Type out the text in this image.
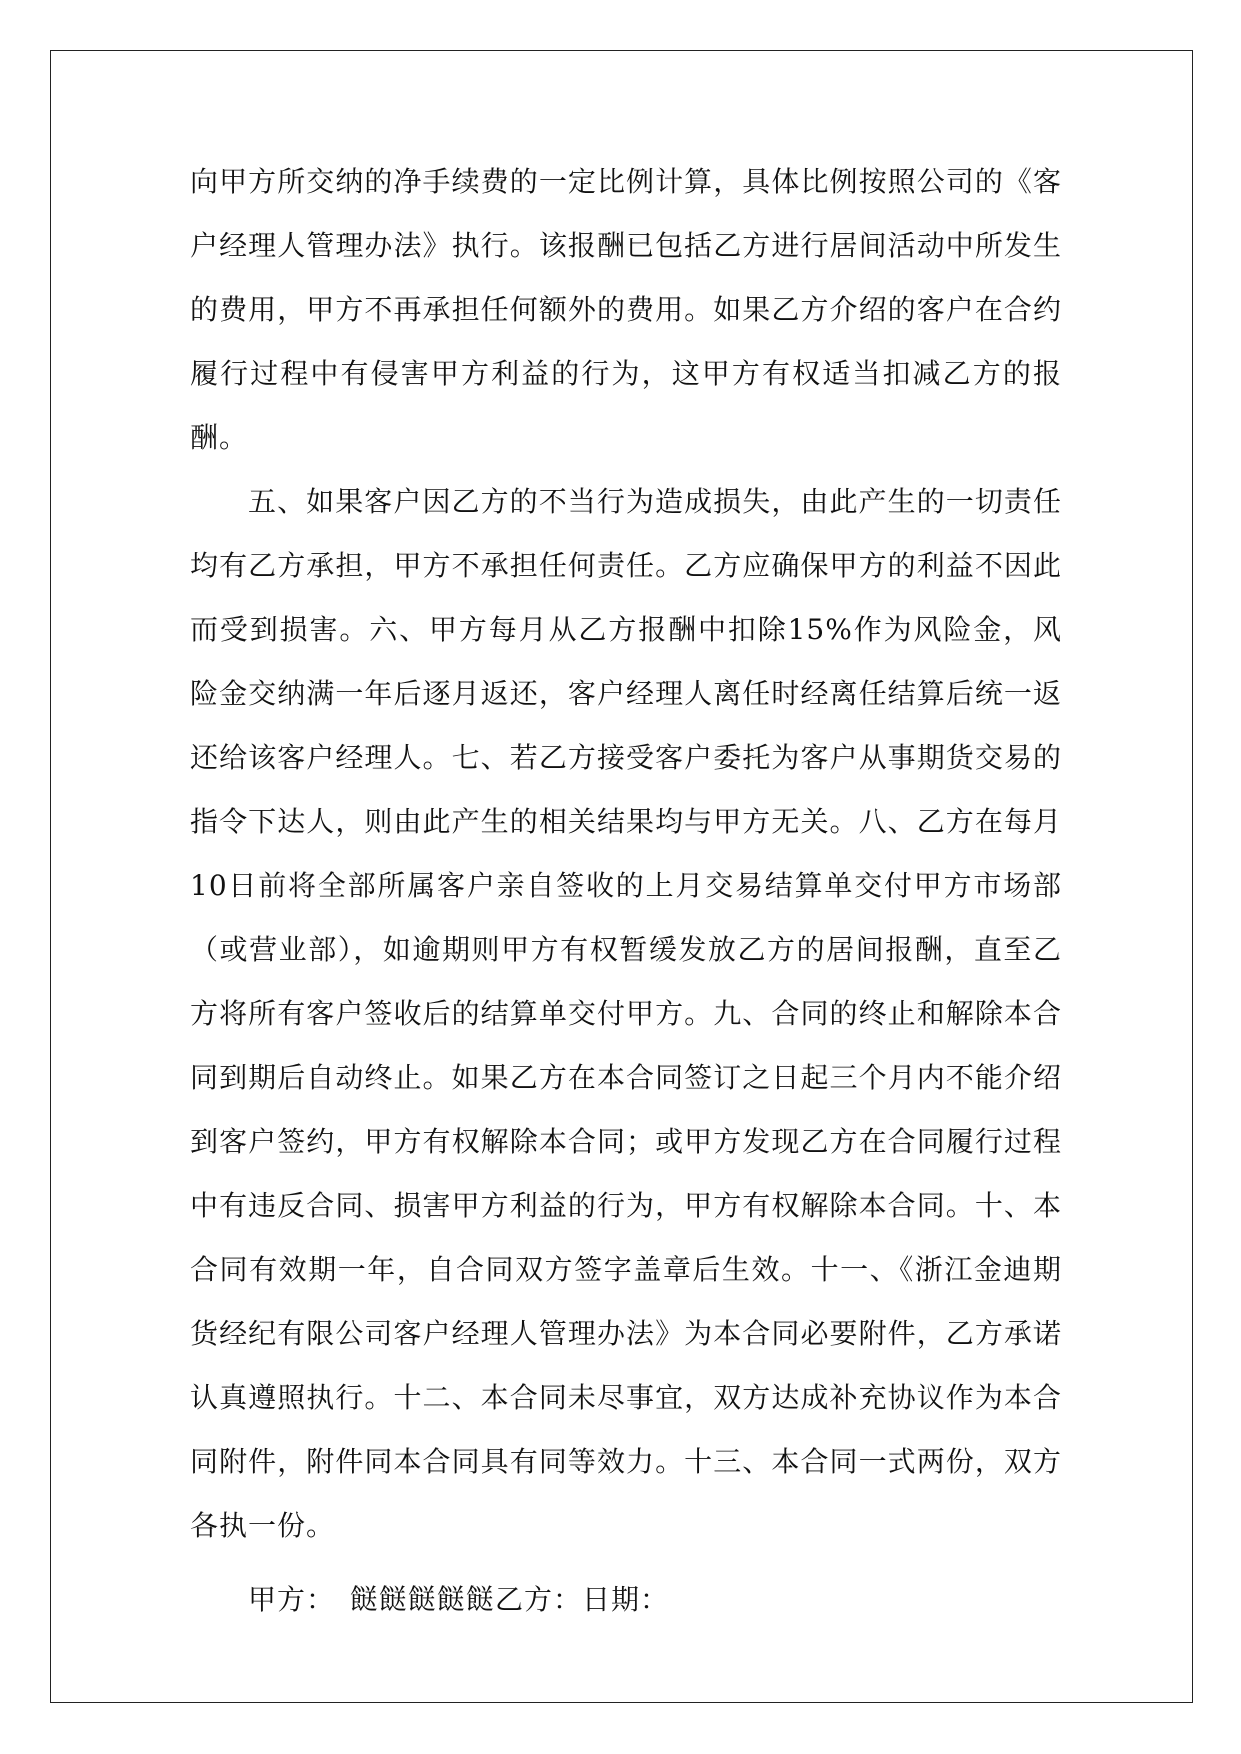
向甲方所交纳的净手续费的一定比例计算，具体比例按照公司的《客户经理人管理办法》执行。该报酬已包括乙方进行居间活动中所发生的费用，甲方不再承担任何额外的费用。如果乙方介绍的客户在合约履行过程中有侵害甲方利益的行为，这甲方有权适当扣减乙方的报酬。

五、如果客户因乙方的不当行为造成损失，由此产生的一切责任均有乙方承担，甲方不承担任何责任。乙方应确保甲方的利益不因此而受到损害。六、甲方每月从乙方报酬中扣除15%作为风险金，风险金交纳满一年后逐月返还，客户经理人离任时经离任结算后统一返还给该客户经理人。七、若乙方接受客户委托为客户从事期货交易的指令下达人，则由此产生的相关结果均与甲方无关。八、乙方在每月10日前将全部所属客户亲自签收的上月交易结算单交付甲方市场部（或营业部），如逾期则甲方有权暂缓发放乙方的居间报酬，直至乙方将所有客户签收后的结算单交付甲方。九、合同的终止和解除本合同到期后自动终止。如果乙方在本合同签订之日起三个月内不能介绍到客户签约，甲方有权解除本合同；或甲方发现乙方在合同履行过程中有违反合同、损害甲方利益的行为，甲方有权解除本合同。十、本合同有效期一年，自合同双方签字盖章后生效。十一、《浙江金迪期货经纪有限公司客户经理人管理办法》为本合同必要附件，乙方承诺认真遵照执行。十二、本合同未尽事宜，双方达成补充协议作为本合同附件，附件同本合同具有同等效力。十三、本合同一式两份，双方各执一份。

甲方：　餸餸餸餸餸乙方：日期：
